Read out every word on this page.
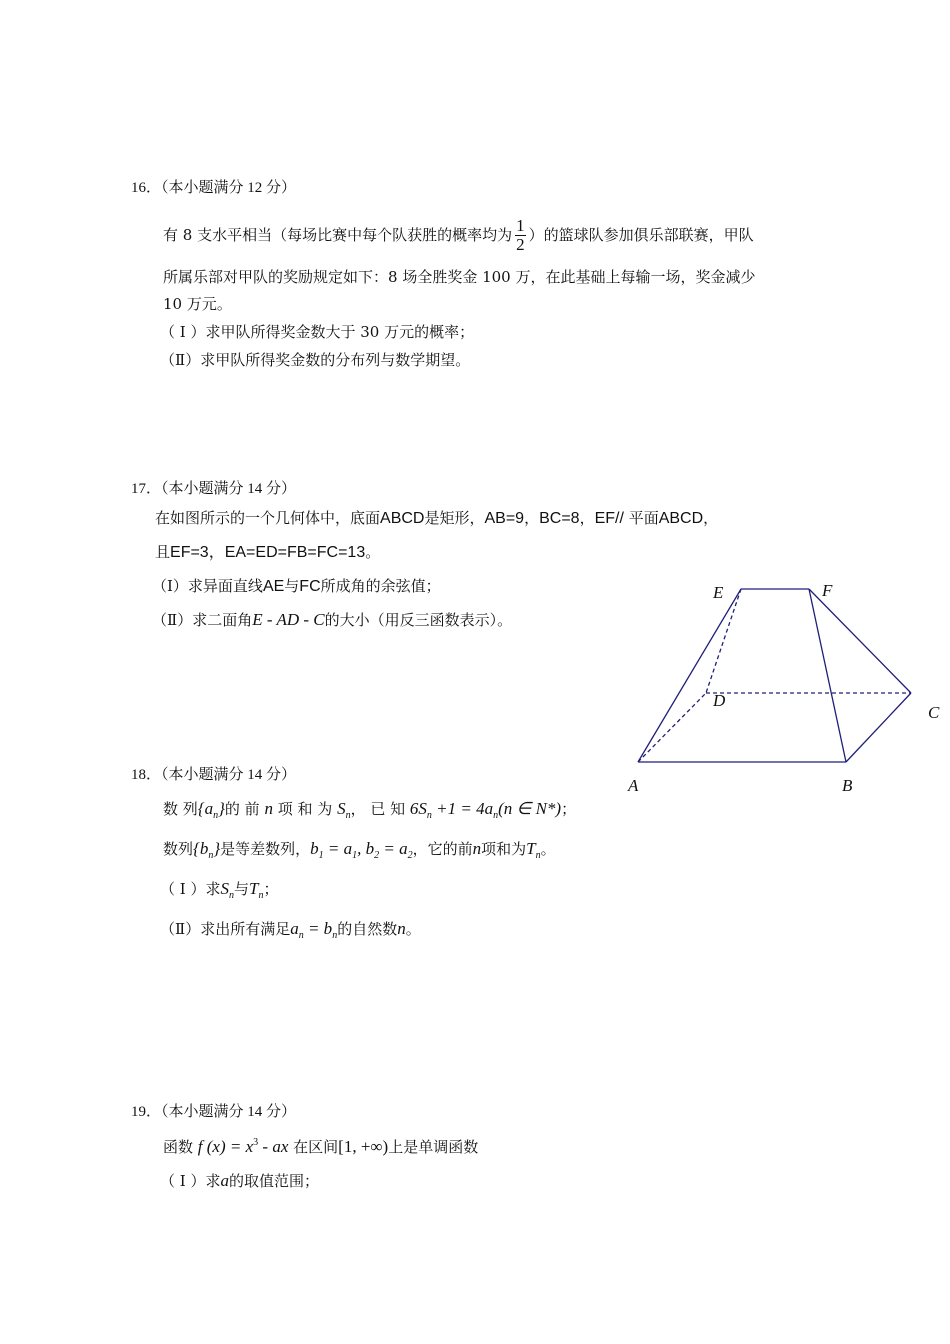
16．（本小题满分 12 分）
有 8 支水平相当（每场比赛中每个队获胜的概率均为 $\frac{1}{2}$ ）的篮球队参加俱乐部联赛，甲队
所属乐部对甲队的奖励规定如下：8 场全胜奖金 100 万，在此基础上每输一场，奖金减少
10 万元。
（ Ⅰ ）求甲队所得奖金数大于 30 万元的概率；
（Ⅱ）求甲队所得奖金数的分布列与数学期望。
17．（本小题满分 14 分）
在如图所示的一个几何体中，底面ABCD是矩形，AB=9，BC=8，EF// 平面ABCD，
且EF=3，EA=ED=FB=FC=13。
（Ⅰ）求异面直线AE与FC所成角的余弦值；
（Ⅱ）求二面角E - AD - C的大小（用反三函数表示）。
E	F
D
C
A	B
18．（本小题满分 14 分）
数 列$\{a_n\}$的 前 n 项 和 为 $S_n$， 已 知 $6S_n +1 = 4a_n(n$ ∈ N*)；
数列$\{b_n\}$是等差数列，$b_1 = a_1$, $b_2 = a_2$，它的前n项和为$T_n$。
（ Ⅰ ）求$S_n$与$T_n$；
（Ⅱ）求出所有满足$a_n = b_n$的自然数n。
19．（本小题满分 14 分）
函数 f $(x) = x^3$ - ax 在区间[1, +∞)上是单调函数
（ Ⅰ ）求a的取值范围；
